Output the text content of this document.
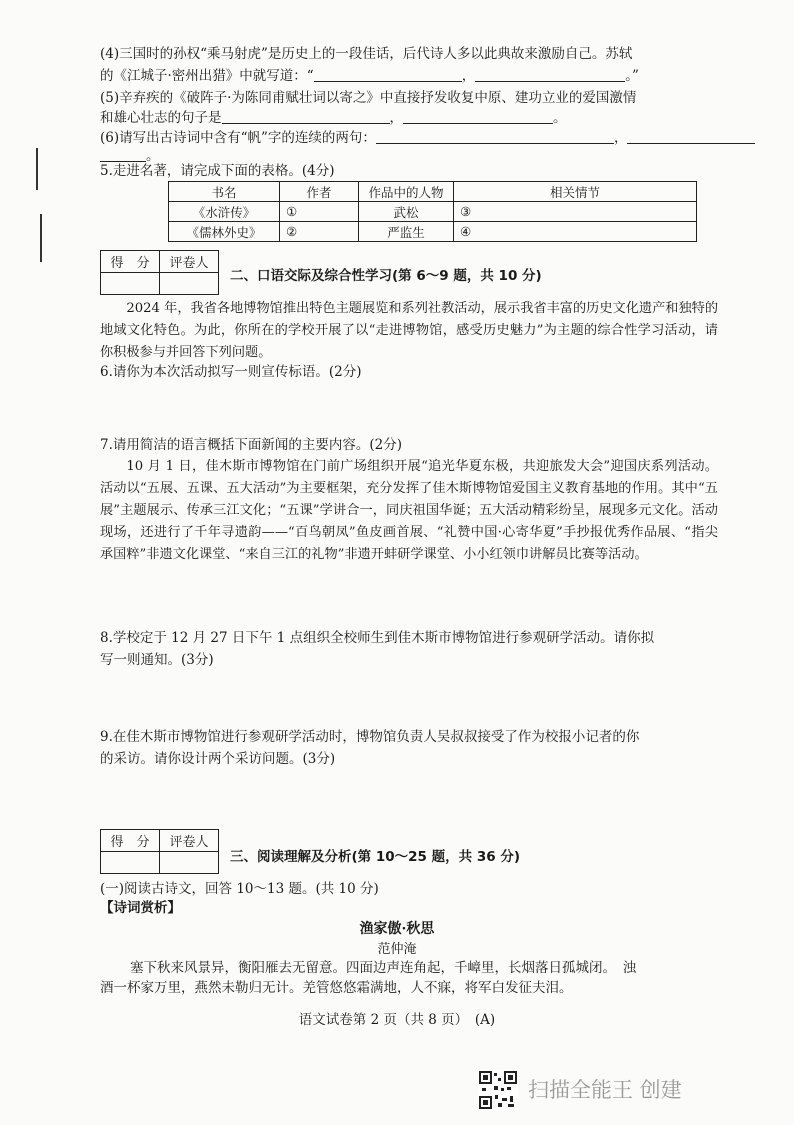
(4)三国时的孙权“乘马射虎”是历史上的一段佳话，后代诗人多以此典故来激励自己。苏轼
的《江城子·密州出猎》中就写道：“	，	。”
(5)辛弃疾的《破阵子·为陈同甫赋壮词以寄之》中直接抒发收复中原、建功立业的爱国激情
和雄心壮志的句子是	，	。
(6)请写出古诗词中含有“帆”字的连续的两句：	，
。
5.走进名著，请完成下面的表格。(4分)
书名	作者	作品中的人物	相关情节
《水浒传》	①	武松	③
《儒林外史》	②	严监生	④
得　分	评卷人

二、口语交际及综合性学习(第 6～9 题，共 10 分)
2024 年，我省各地博物馆推出特色主题展览和系列社教活动，展示我省丰富的历史文化遗产和独特的地域文化特色。为此，你所在的学校开展了以“走进博物馆，感受历史魅力”为主题的综合性学习活动，请你积极参与并回答下列问题。
6.请你为本次活动拟写一则宣传标语。(2分)
7.请用简洁的语言概括下面新闻的主要内容。(2分)
10 月 1 日，佳木斯市博物馆在门前广场组织开展“追光华夏东极，共迎旅发大会”迎国庆系列活动。活动以“五展、五课、五大活动”为主要框架，充分发挥了佳木斯博物馆爱国主义教育基地的作用。其中“五展”主题展示、传承三江文化；“五课”学讲合一，同庆祖国华诞；五大活动精彩纷呈，展现多元文化。活动现场，还进行了千年寻遗韵——“百鸟朝凤”鱼皮画首展、“礼赞中国·心寄华夏”手抄报优秀作品展、“指尖承国粹”非遗文化课堂、“来自三江的礼物”非遗开蚌研学课堂、小小红领巾讲解员比赛等活动。
8.学校定于 12 月 27 日下午 1 点组织全校师生到佳木斯市博物馆进行参观研学活动。请你拟
写一则通知。(3分)
9.在佳木斯市博物馆进行参观研学活动时，博物馆负责人吴叔叔接受了作为校报小记者的你
的采访。请你设计两个采访问题。(3分)
得　分	评卷人

三、阅读理解及分析(第 10～25 题，共 36 分)
(一)阅读古诗文，回答 10～13 题。(共 10 分)
【诗词赏析】
渔家傲·秋思
范仲淹
塞下秋来风景异，衡阳雁去无留意。四面边声连角起，千嶂里，长烟落日孤城闭。　浊
酒一杯家万里，燕然未勒归无计。羌管悠悠霜满地，人不寐，将军白发征夫泪。
语文试卷第 2 页（共 8 页）　(A)
扫描全能王 创建
